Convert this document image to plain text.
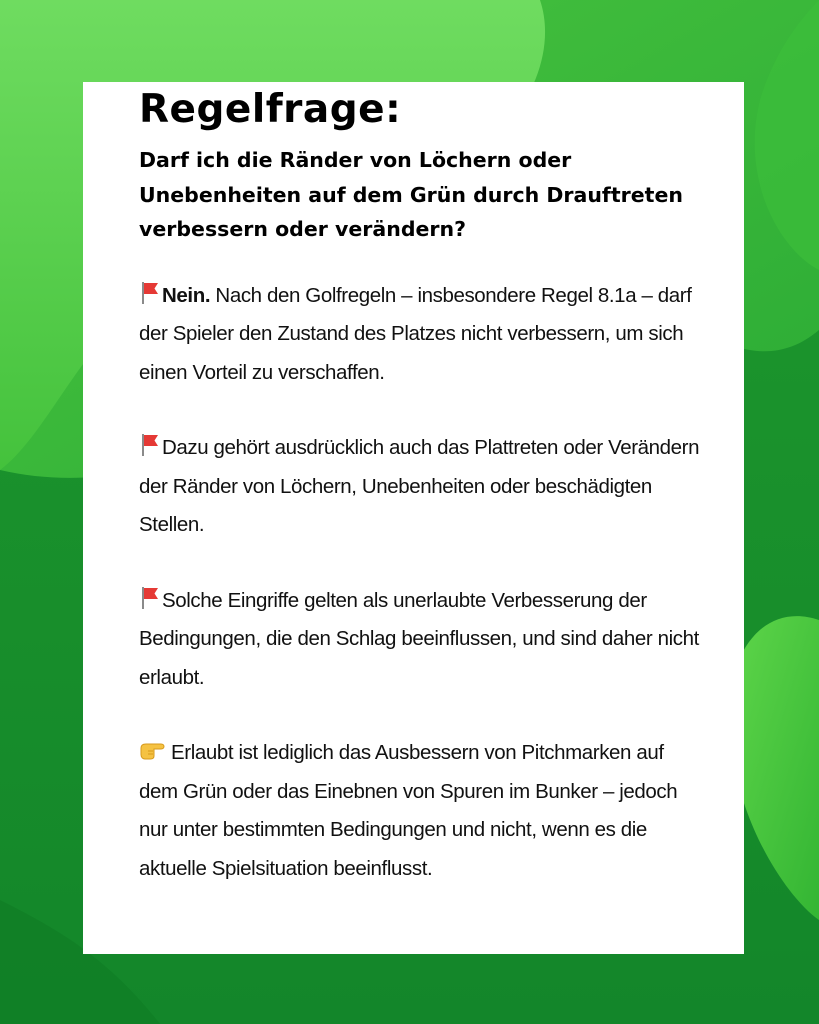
Regelfrage:
Darf ich die Ränder von Löchern oder Unebenheiten auf dem Grün durch Drauftreten verbessern oder verändern?

Nein. Nach den Golfregeln – insbesondere Regel 8.1a – darf der Spieler den Zustand des Platzes nicht verbessern, um sich einen Vorteil zu verschaffen.

Dazu gehört ausdrücklich auch das Plattreten oder Verändern der Ränder von Löchern, Unebenheiten oder beschädigten Stellen.

Solche Eingriffe gelten als unerlaubte Verbesserung der Bedingungen, die den Schlag beeinflussen, und sind daher nicht erlaubt.

Erlaubt ist lediglich das Ausbessern von Pitchmarken auf dem Grün oder das Einebnen von Spuren im Bunker – jedoch nur unter bestimmten Bedingungen und nicht, wenn es die aktuelle Spielsituation beeinflusst.
